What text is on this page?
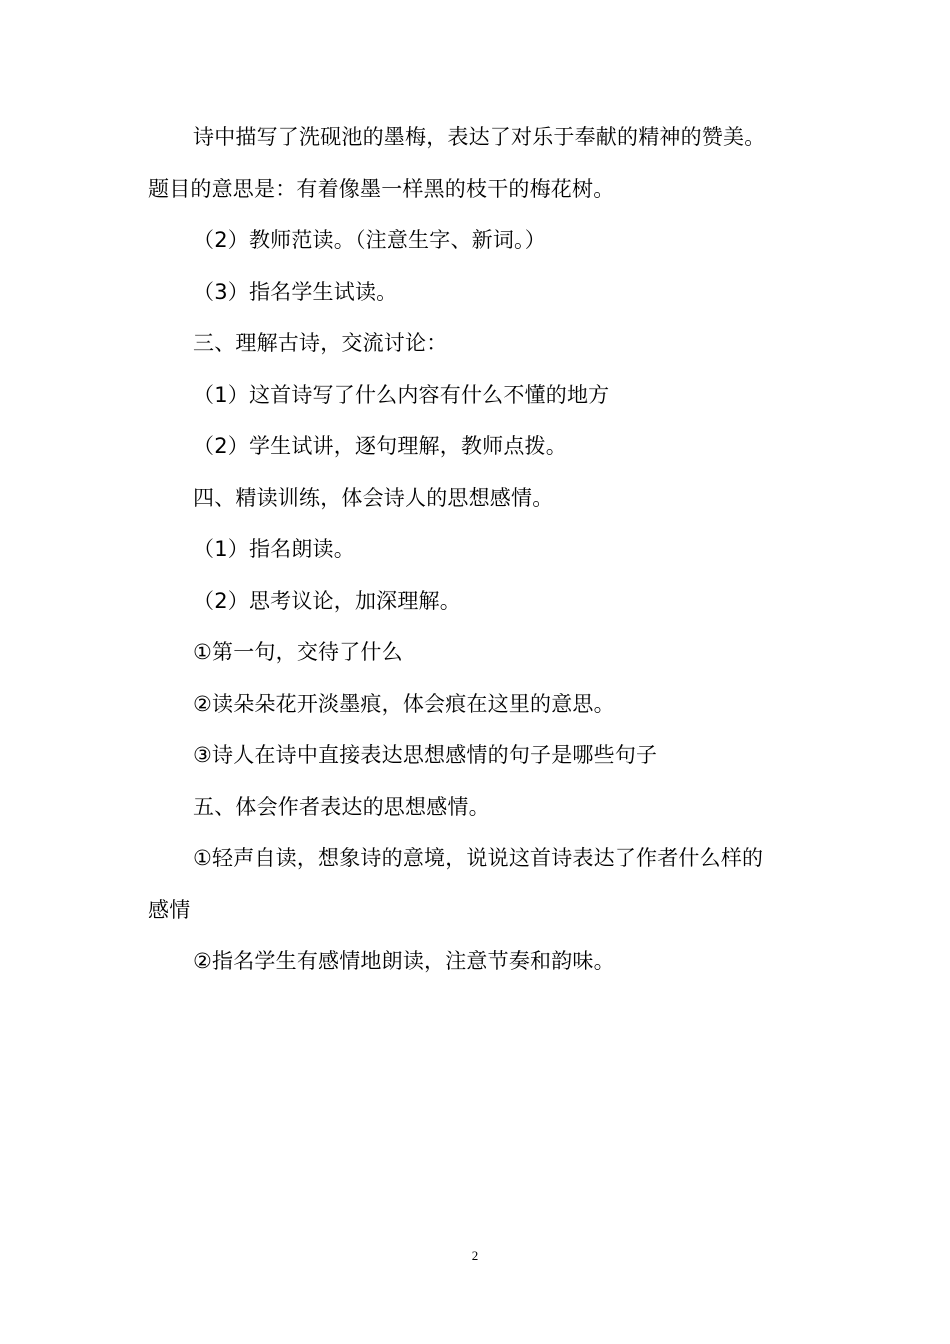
诗中描写了洗砚池的墨梅，表达了对乐于奉献的精神的赞美。
题目的意思是：有着像墨一样黑的枝干的梅花树。
（2）教师范读。（注意生字、新词。）
（3）指名学生试读。
三、理解古诗，交流讨论：
（1）这首诗写了什么内容有什么不懂的地方
（2）学生试讲，逐句理解，教师点拨。
四、精读训练，体会诗人的思想感情。
（1）指名朗读。
（2）思考议论，加深理解。
①第一句，交待了什么
②读朵朵花开淡墨痕，体会痕在这里的意思。
③诗人在诗中直接表达思想感情的句子是哪些句子
五、体会作者表达的思想感情。
①轻声自读，想象诗的意境，说说这首诗表达了作者什么样的
感情
②指名学生有感情地朗读，注意节奏和韵味。
2
